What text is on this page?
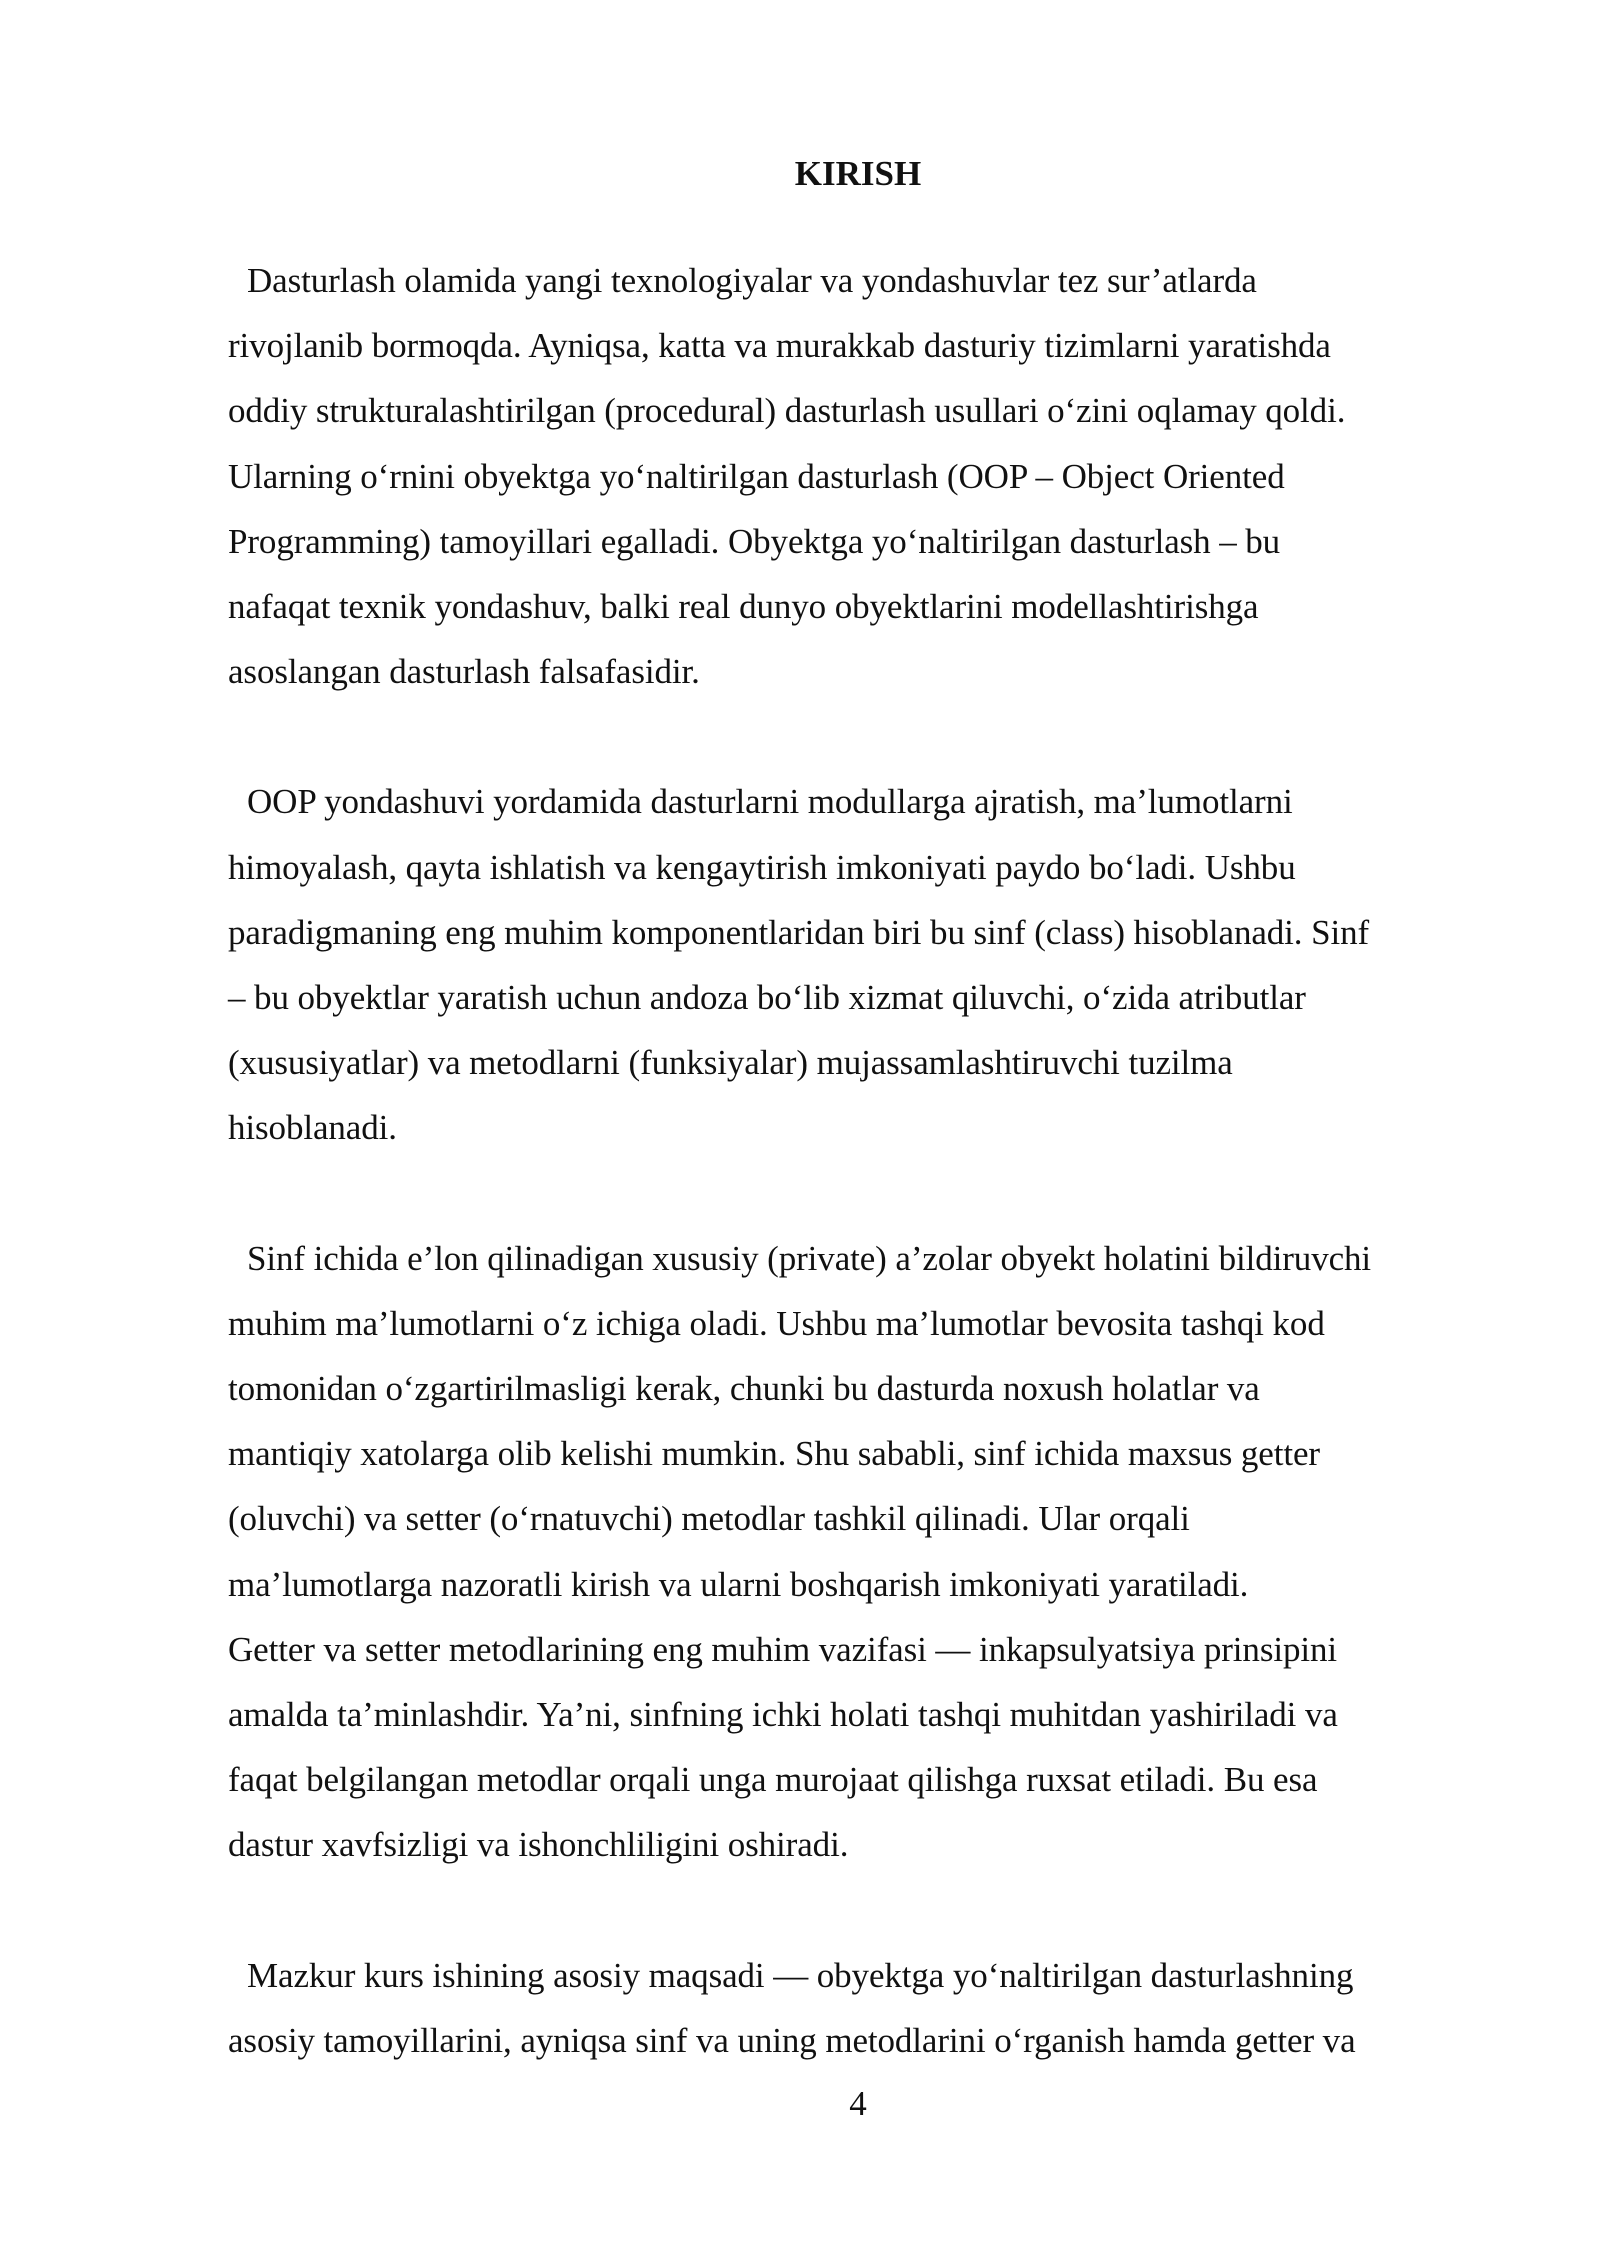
KIRISH

Dasturlash olamida yangi texnologiyalar va yondashuvlar tez sur’atlarda
rivojlanib bormoqda. Ayniqsa, katta va murakkab dasturiy tizimlarni yaratishda
oddiy strukturalashtirilgan (procedural) dasturlash usullari o‘zini oqlamay qoldi.
Ularning o‘rnini obyektga yo‘naltirilgan dasturlash (OOP – Object Oriented
Programming) tamoyillari egalladi. Obyektga yo‘naltirilgan dasturlash – bu
nafaqat texnik yondashuv, balki real dunyo obyektlarini modellashtirishga
asoslangan dasturlash falsafasidir.

OOP yondashuvi yordamida dasturlarni modullarga ajratish, ma’lumotlarni
himoyalash, qayta ishlatish va kengaytirish imkoniyati paydo bo‘ladi. Ushbu
paradigmaning eng muhim komponentlaridan biri bu sinf (class) hisoblanadi. Sinf
– bu obyektlar yaratish uchun andoza bo‘lib xizmat qiluvchi, o‘zida atributlar
(xususiyatlar) va metodlarni (funksiyalar) mujassamlashtiruvchi tuzilma
hisoblanadi.

Sinf ichida e’lon qilinadigan xususiy (private) a’zolar obyekt holatini bildiruvchi
muhim ma’lumotlarni o‘z ichiga oladi. Ushbu ma’lumotlar bevosita tashqi kod
tomonidan o‘zgartirilmasligi kerak, chunki bu dasturda noxush holatlar va
mantiqiy xatolarga olib kelishi mumkin. Shu sababli, sinf ichida maxsus getter
(oluvchi) va setter (o‘rnatuvchi) metodlar tashkil qilinadi. Ular orqali
ma’lumotlarga nazoratli kirish va ularni boshqarish imkoniyati yaratiladi.
Getter va setter metodlarining eng muhim vazifasi — inkapsulyatsiya prinsipini
amalda ta’minlashdir. Ya’ni, sinfning ichki holati tashqi muhitdan yashiriladi va
faqat belgilangan metodlar orqali unga murojaat qilishga ruxsat etiladi. Bu esa
dastur xavfsizligi va ishonchliligini oshiradi.

Mazkur kurs ishining asosiy maqsadi — obyektga yo‘naltirilgan dasturlashning
asosiy tamoyillarini, ayniqsa sinf va uning metodlarini o‘rganish hamda getter va

4
